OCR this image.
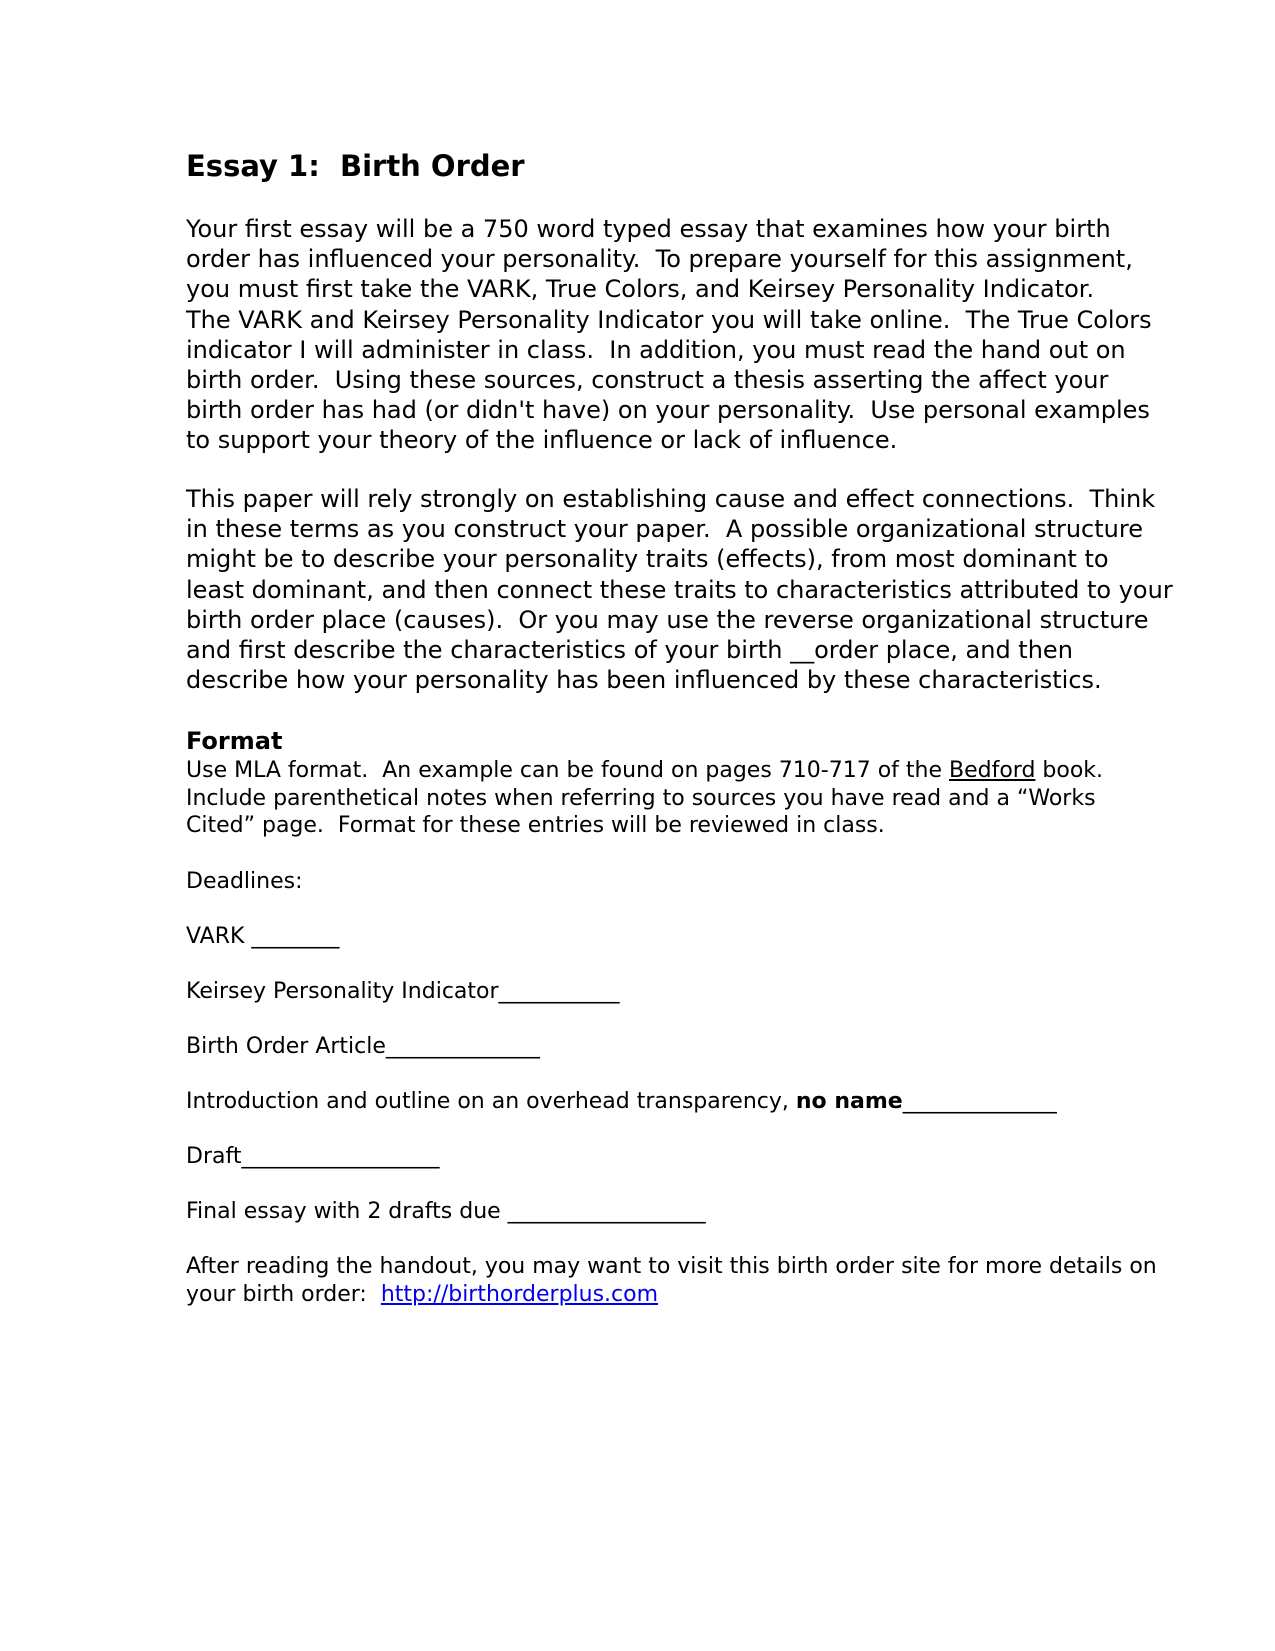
Essay 1:  Birth Order
Your first essay will be a 750 word typed essay that examines how your birth
order has influenced your personality.  To prepare yourself for this assignment,
you must first take the VARK, True Colors, and Keirsey Personality Indicator.
The VARK and Keirsey Personality Indicator you will take online.  The True Colors
indicator I will administer in class.  In addition, you must read the hand out on
birth order.  Using these sources, construct a thesis asserting the affect your
birth order has had (or didn't have) on your personality.  Use personal examples
to support your theory of the influence or lack of influence.
This paper will rely strongly on establishing cause and effect connections.  Think
in these terms as you construct your paper.  A possible organizational structure
might be to describe your personality traits (effects), from most dominant to
least dominant, and then connect these traits to characteristics attributed to your
birth order place (causes).  Or you may use the reverse organizational structure
and first describe the characteristics of your birth __order place, and then
describe how your personality has been influenced by these characteristics.
Format
Use MLA format.  An example can be found on pages 710-717 of the Bedford book.
Include parenthetical notes when referring to sources you have read and a “Works
Cited” page.  Format for these entries will be reviewed in class.

Deadlines:

VARK ________

Keirsey Personality Indicator___________

Birth Order Article______________

Introduction and outline on an overhead transparency, no name______________

Draft__________________

Final essay with 2 drafts due __________________

After reading the handout, you may want to visit this birth order site for more details on
your birth order:  http://birthorderplus.com
